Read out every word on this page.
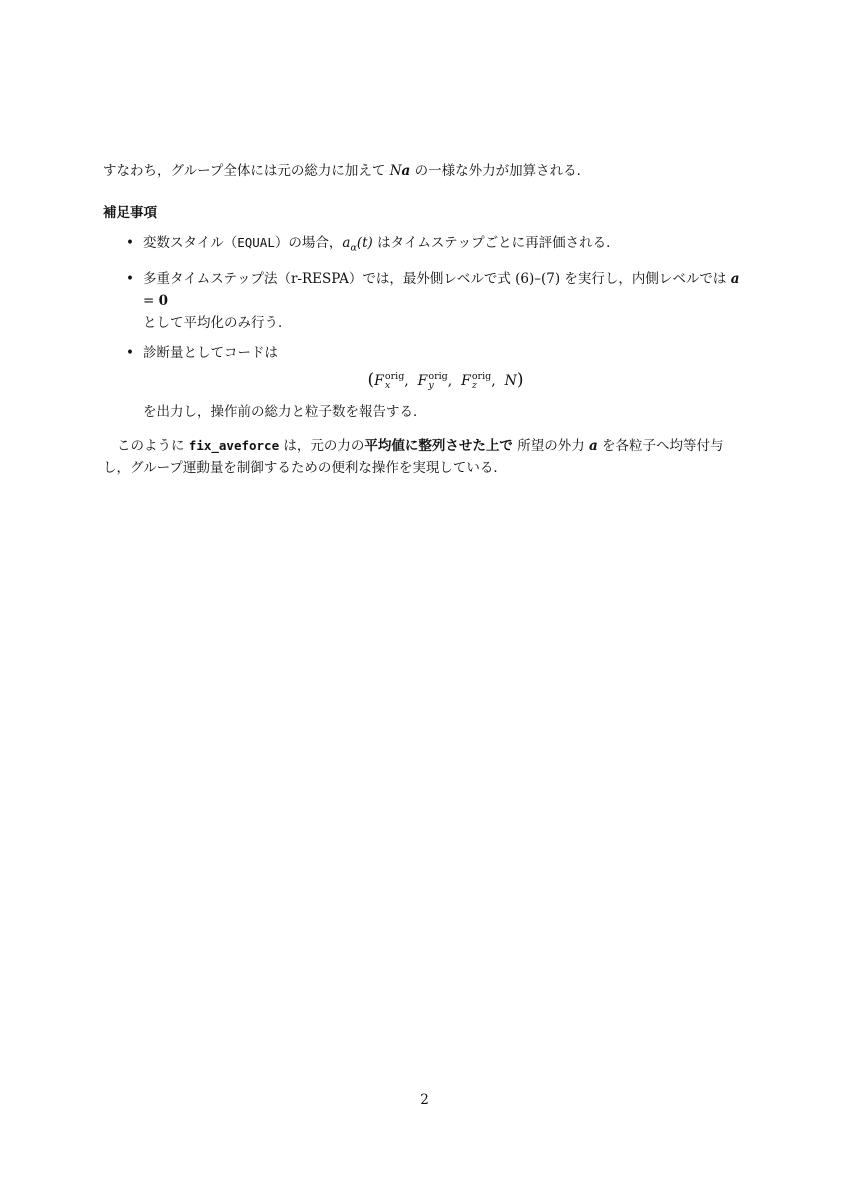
すなわち，グループ全体には元の総力に加えて Na の一様な外力が加算される．

補足事項
• 変数スタイル（EQUAL）の場合，$a_\alpha(t)$ はタイムステップごとに再評価される．
• 多重タイムステップ法（r-RESPA）では，最外側レベルで式 (6)–(7) を実行し，内側レベルでは a = 0
として平均化のみ行う．
• 診断量としてコードは
(F orig
x	,  F orig
y	,  F orig
z	,  N)

を出力し，操作前の総力と粒子数を報告する．

このように fix_aveforce は，元の力の平均値に整列させた上で 所望の外力 a を各粒子へ均等付与し，グループ運動量を制御するための便利な操作を実現している．

2
